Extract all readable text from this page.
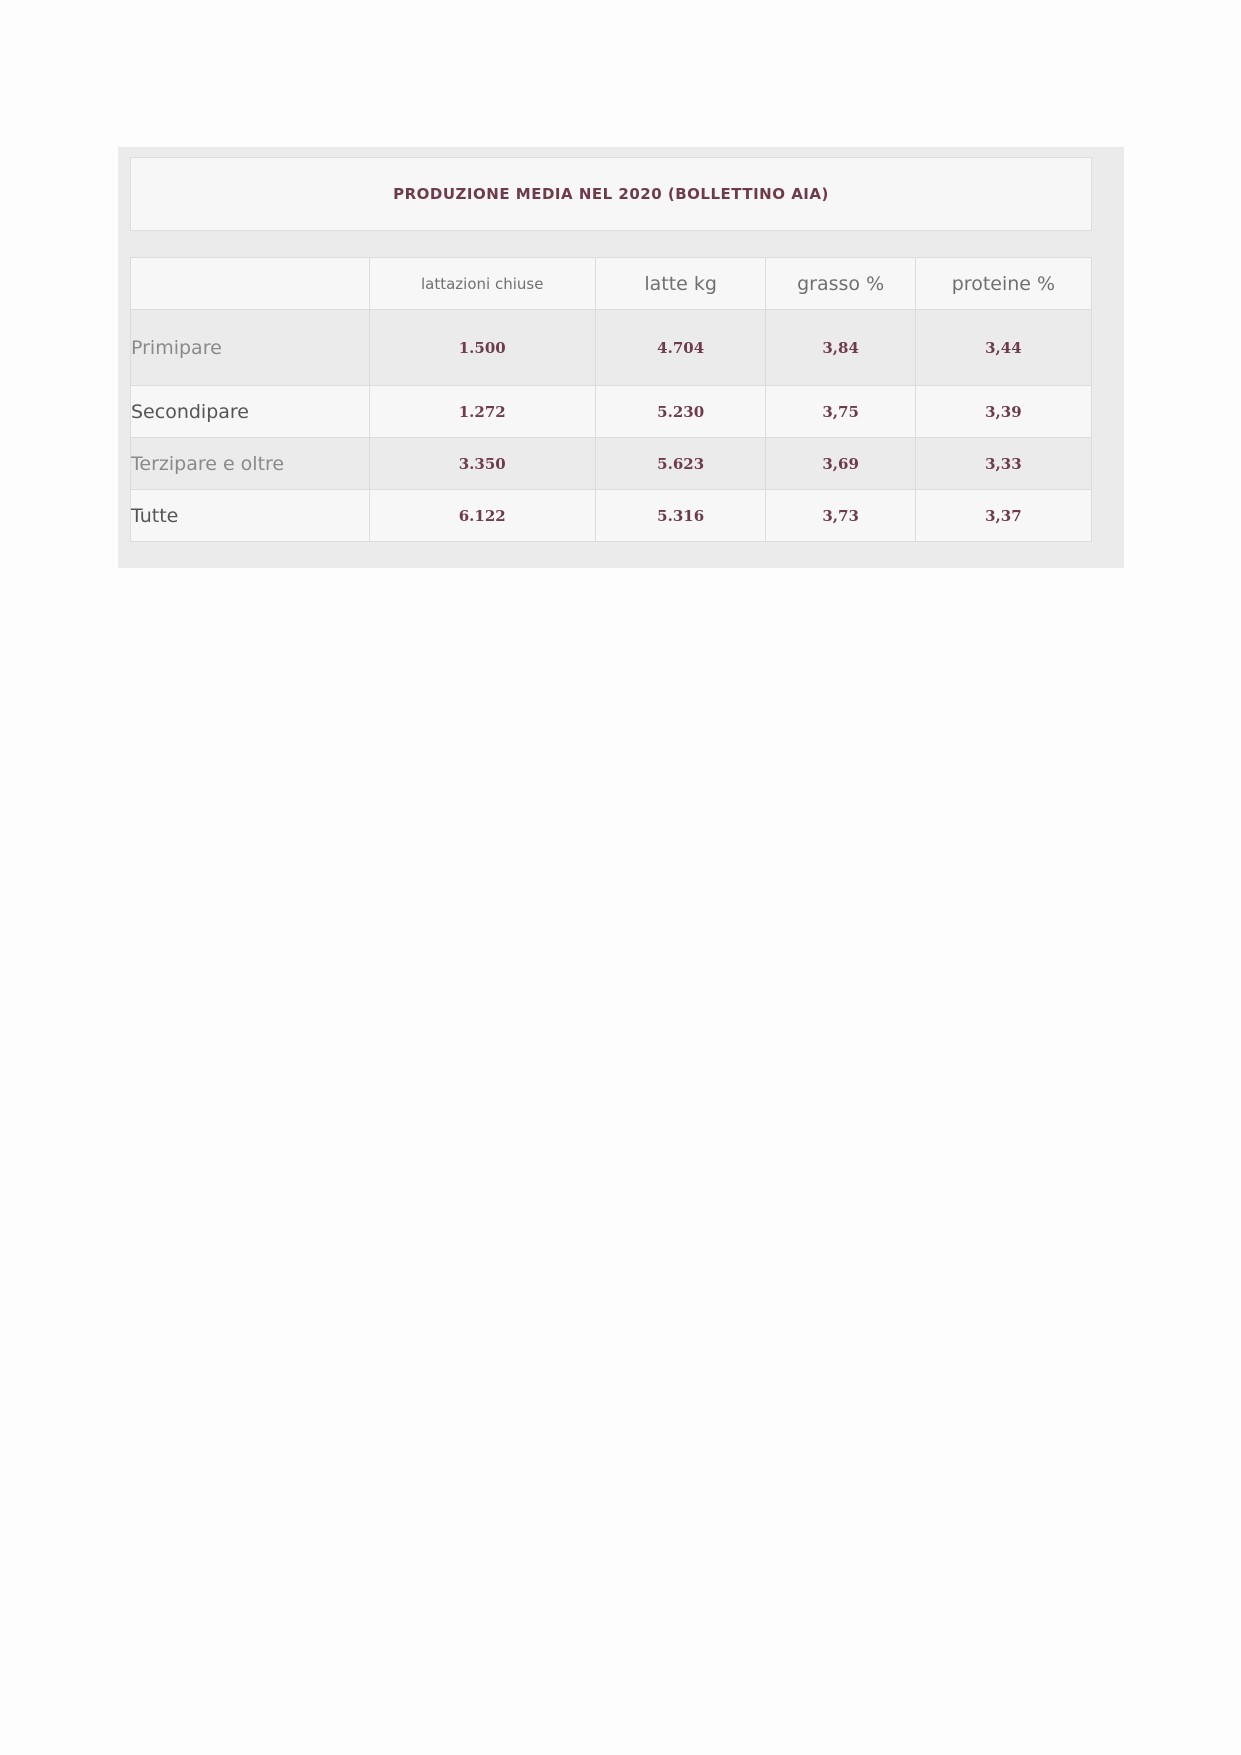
PRODUZIONE MEDIA NEL 2020 (BOLLETTINO AIA)
	lattazioni chiuse	latte kg	grasso %	proteine %
Primipare	1.500	4.704	3,84	3,44
Secondipare	1.272	5.230	3,75	3,39
Terzipare e oltre	3.350	5.623	3,69	3,33
Tutte	6.122	5.316	3,73	3,37
